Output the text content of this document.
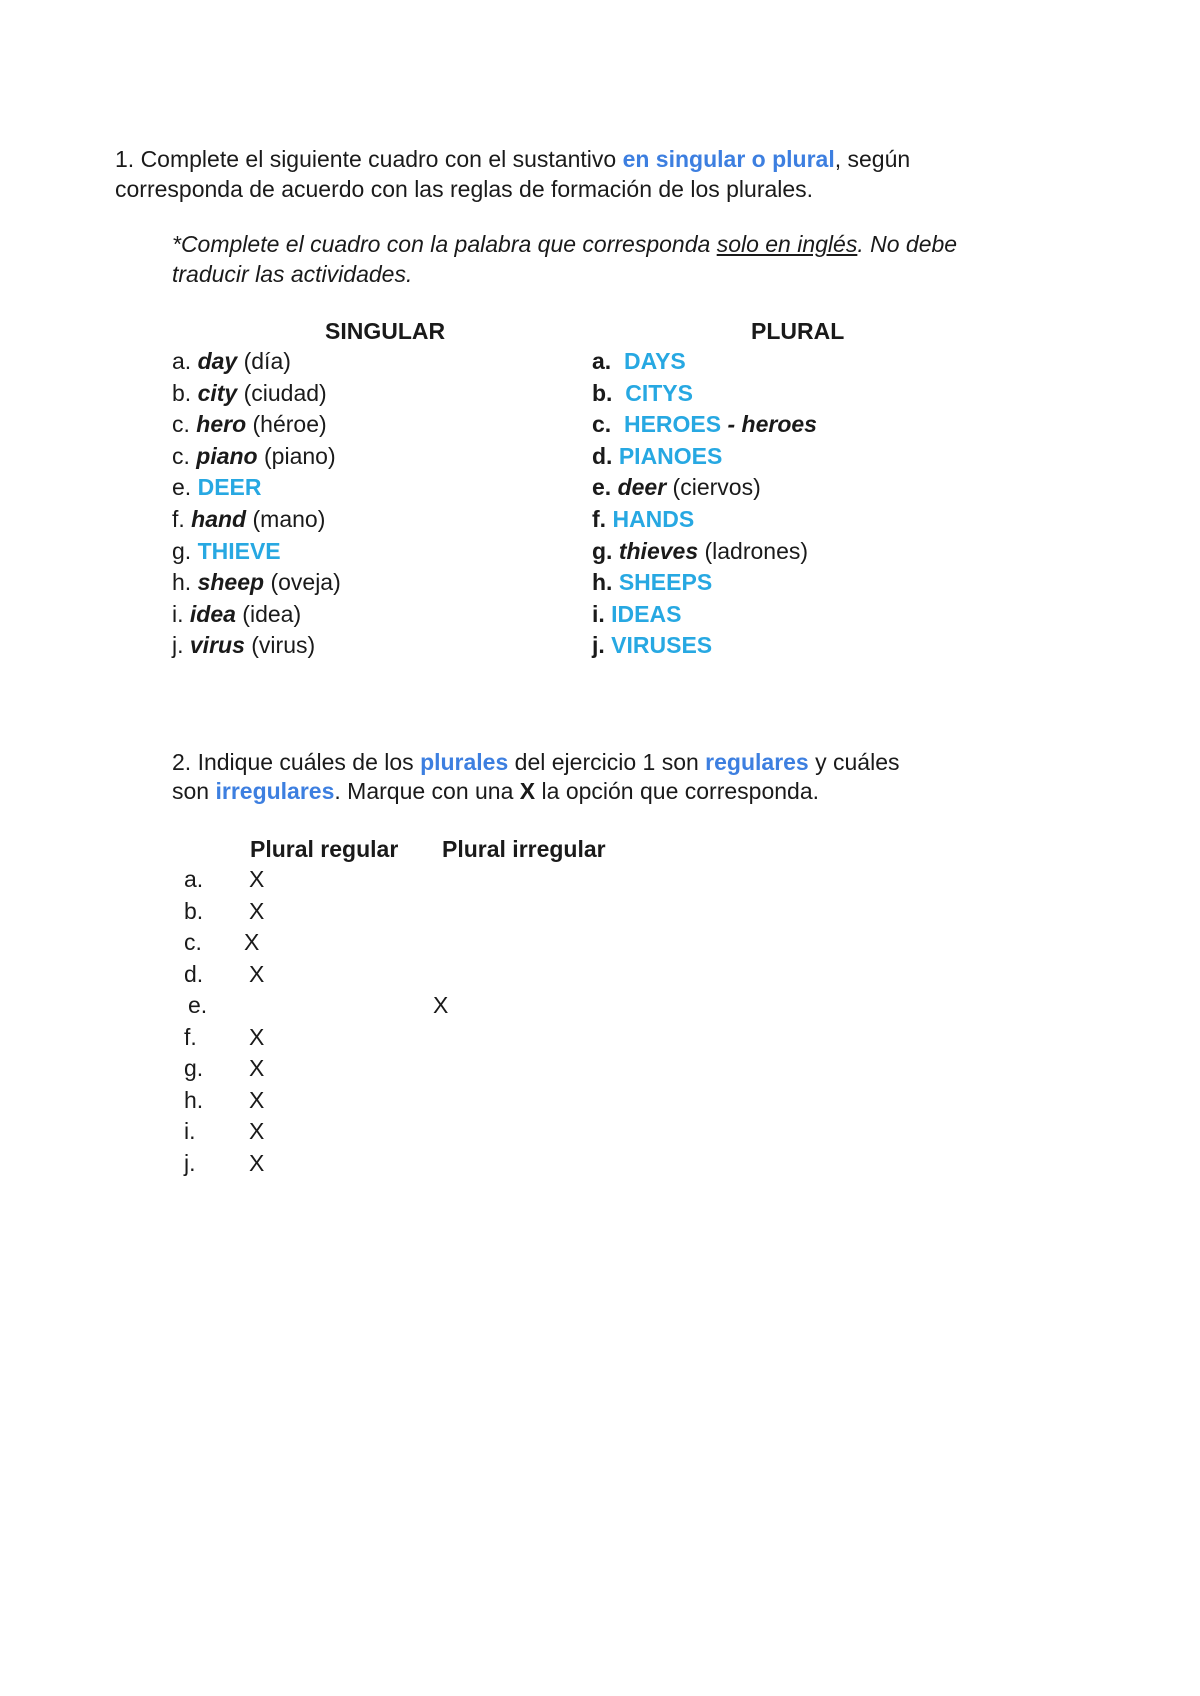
1. Complete el siguiente cuadro con el sustantivo en singular o plural, según
corresponda de acuerdo con las reglas de formación de los plurales.
*Complete el cuadro con la palabra que corresponda solo en inglés. No debe
traducir las actividades.
SINGULAR	PLURAL
a. day (día)
b. city (ciudad)
c. hero (héroe)
c. piano (piano)
e. DEER
f. hand (mano)
g. THIEVE
h. sheep (oveja)
i. idea (idea)
j. virus (virus)
a.  DAYS
b.  CITYS
c.  HEROES - heroes
d. PIANOES
e. deer (ciervos)
f. HANDS
g. thieves (ladrones)
h. SHEEPS
i. IDEAS
j. VIRUSES
2. Indique cuáles de los plurales del ejercicio 1 son regulares y cuáles
son irregulares. Marque con una X la opción que corresponda.
Plural regular Plural irregular
a. X
b. X
c. X
d. X
e.	X
f. X
g. X
h. X
i. X
j. X
